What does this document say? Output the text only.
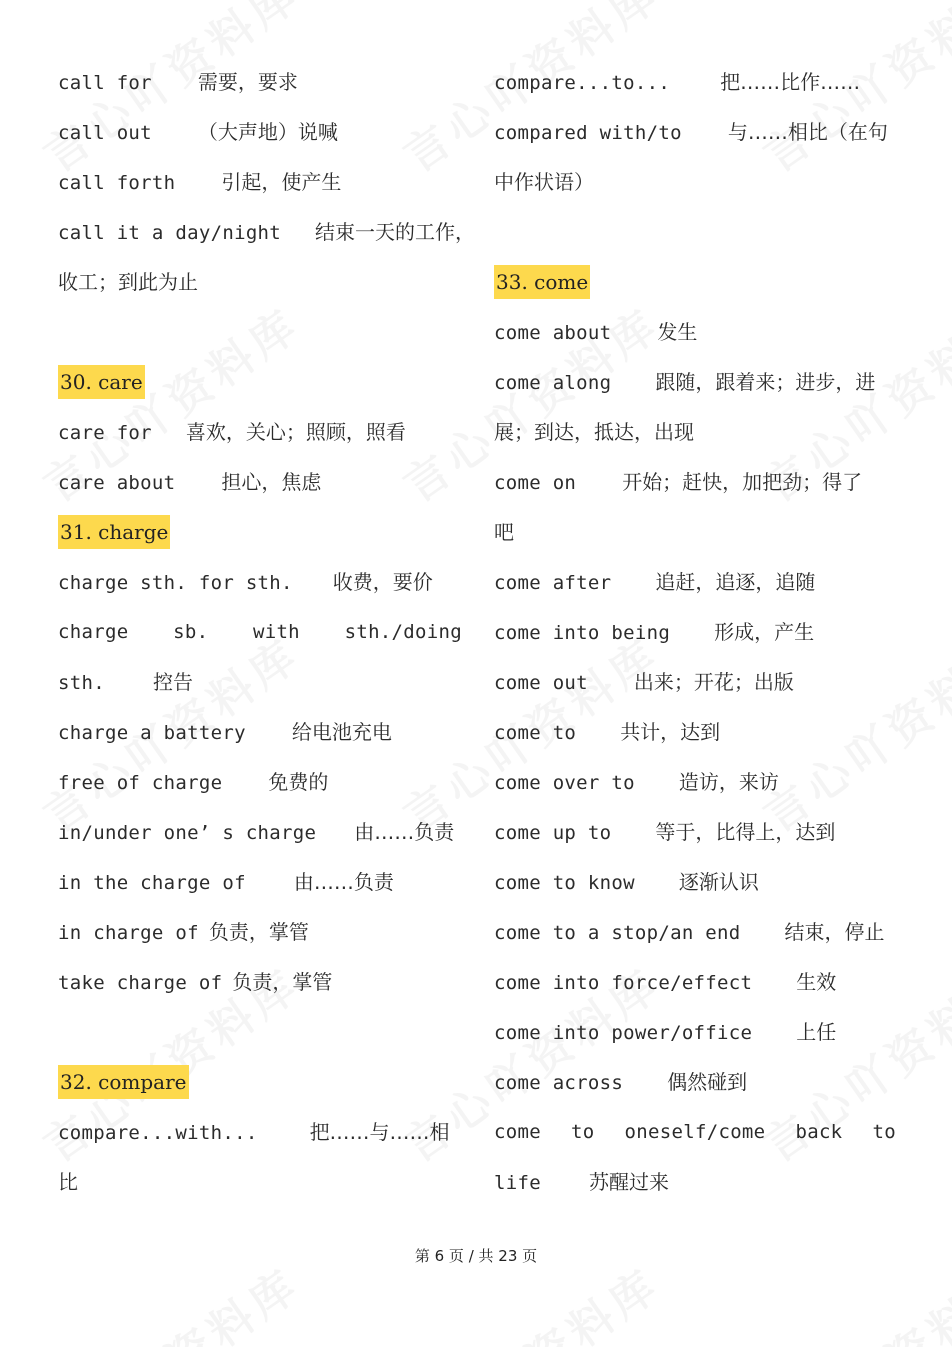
call for 需要，要求
call out （大声地）说喊
call forth 引起，使产生
call it a day/night 结束一天的工作，
收工；到此为止
30. care
care for 喜欢，关心；照顾，照看
care about 担心，焦虑
31. charge
charge sth. for sth. 收费，要价
charge sb. with sth./doing
sth. 控告
charge a battery 给电池充电
free of charge 免费的
in/under one’ s charge 由……负责
in the charge of 由……负责
in charge of 负责，掌管
take charge of 负责，掌管
32. compare
compare...with...	把……与……相
比
compare...to...	把……比作……
compared with/to 与……相比（在句
中作状语）
33. come
come about 发生
come along 跟随，跟着来；进步，进
展；到达，抵达，出现
come on 开始；赶快，加把劲；得了
吧
come after 追赶，追逐，追随
come into being 形成，产生
come out 出来；开花；出版
come to 共计，达到
come over to 造访，来访
come up to 等于，比得上，达到
come to know 逐渐认识
come to a stop/an end 结束，停止
come into force/effect 生效
come into power/office 上任
come across 偶然碰到
come to oneself/come back to
life 苏醒过来
第 6 页 / 共 23 页
